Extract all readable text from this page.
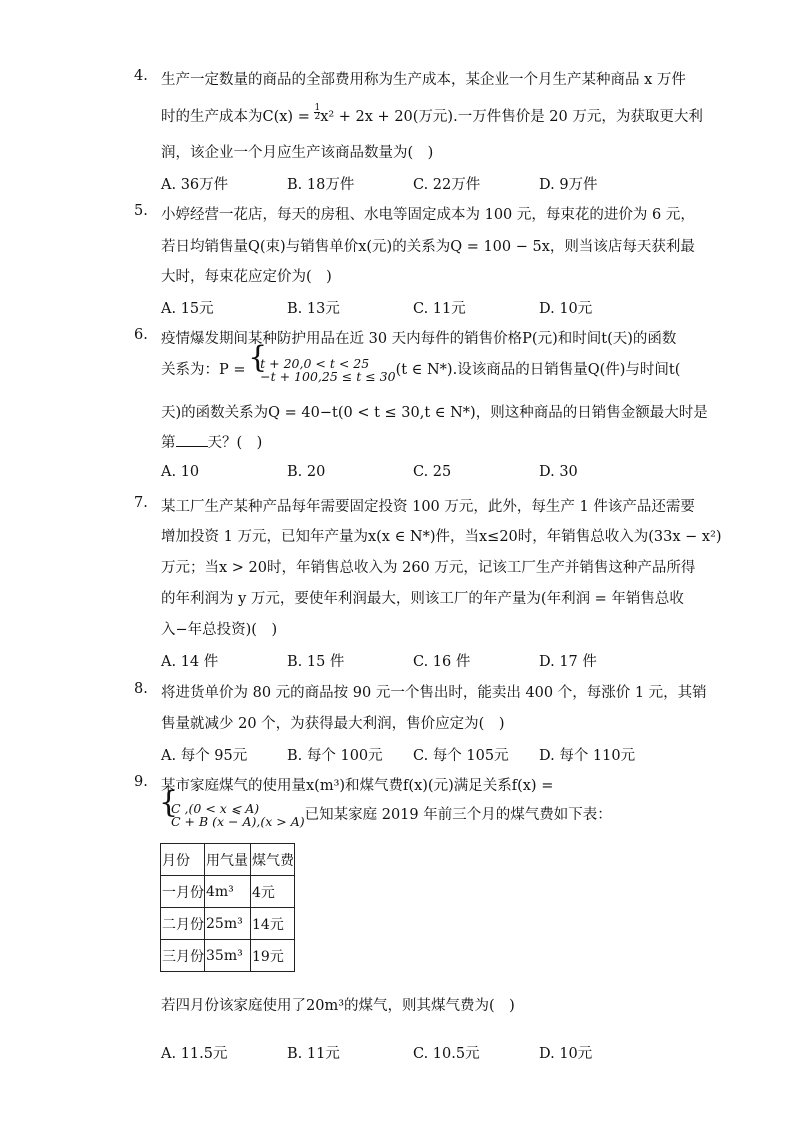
4. 生产一定数量的商品的全部费用称为生产成本，某企业一个月生产某种商品 x 万件
时的生产成本为$C(x) = \frac{1}{2} x^2 + 2x + 20$(万元).一万件售价是 20 万元，为获取更大利
润，该企业一个月应生产该商品数量为(　)
A. 36万件	B. 18万件	C. 22万件	D. 9万件
5. 小婷经营一花店，每天的房租、水电等固定成本为 100 元，每束花的进价为 6 元，
若日均销售量Q(束)与销售单价x(元)的关系为Q = 100 − 5x，则当该店每天获利最
大时，每束花应定价为(　)
A. 15元	B. 13元	C. 11元	D. 10元
6. 疫情爆发期间某种防护用品在近 30 天内每件的销售价格P(元)和时间t(天)的函数
关系为：P = { t + 20,0 < t < 25
−t + 100,25 ≤ t ≤ 30 (t ∈ N*).设该商品的日销售量Q(件)与时间t(
天)的函数关系为Q = 40−t(0 < t ≤ 30,t ∈ N*)，则这种商品的日销售金额最大时是
第 天？(　)
A. 10	B. 20	C. 25	D. 30
7. 某工厂生产某种产品每年需要固定投资 100 万元，此外，每生产 1 件该产品还需要
增加投资 1 万元，已知年产量为x(x ∈ N*)件，当x≤20时，年销售总收入为(33x − x²)
万元；当x > 20时，年销售总收入为 260 万元，记该工厂生产并销售这种产品所得
的年利润为 y 万元，要使年利润最大，则该工厂的年产量为(年利润 = 年销售总收
入−年总投资)(　)
A. 14 件	B. 15 件	C. 16 件	D. 17 件
8. 将进货单价为 80 元的商品按 90 元一个售出时，能卖出 400 个，每涨价 1 元，其销
售量就减少 20 个，为获得最大利润，售价应定为(　)
A. 每个 95元	B. 每个 100元 C. 每个 105元 D. 每个 110元
9. 某市家庭煤气的使用量x(m³)和煤气费f(x)(元)满足关系f(x) =
{ C ,(0 < x ⩽ A)
C + B (x − A),(x > A) 已知某家庭 2019 年前三个月的煤气费如下表：
月份	用气量	煤气费
一月份	4m³	4元
二月份	25m³	14元
三月份	35m³	19元
若四月份该家庭使用了20m³的煤气，则其煤气费为(　)
A. 11.5元	B. 11元	C. 10.5元	D. 10元
